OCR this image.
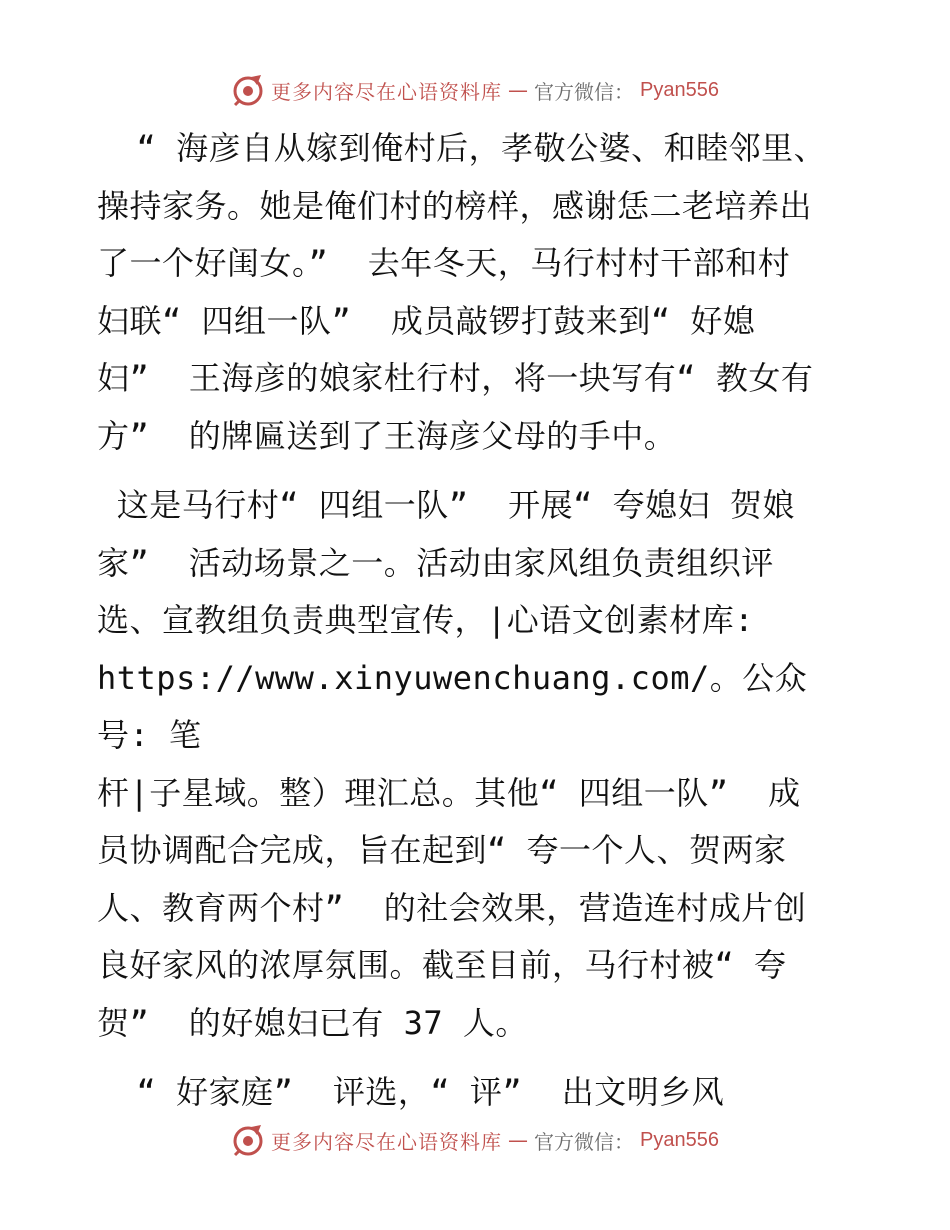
更多内容尽在心语资料库 — 官方微信： Pyan556

“ 海彦自从嫁到俺村后，孝敬公婆、和睦邻里、
操持家务。她是俺们村的榜样，感谢恁二老培养出
了一个好闺女。”  去年冬天，马行村村干部和村
妇联“ 四组一队”  成员敲锣打鼓来到“ 好媳
妇”  王海彦的娘家杜行村，将一块写有“ 教女有
方”  的牌匾送到了王海彦父母的手中。

这是马行村“ 四组一队”  开展“ 夸媳妇 贺娘
家”  活动场景之一。活动由家风组负责组织评
选、宣教组负责典型宣传，|心语文创素材库:
https://www.xinyuwenchuang.com/。公众号: 笔
杆|子星域。整）理汇总。其他“ 四组一队”  成
员协调配合完成，旨在起到“ 夸一个人、贺两家
人、教育两个村”  的社会效果，营造连村成片创
良好家风的浓厚氛围。截至目前，马行村被“ 夸
贺”  的好媳妇已有 37 人。

“ 好家庭”  评选，“ 评”  出文明乡风

更多内容尽在心语资料库 — 官方微信： Pyan556
